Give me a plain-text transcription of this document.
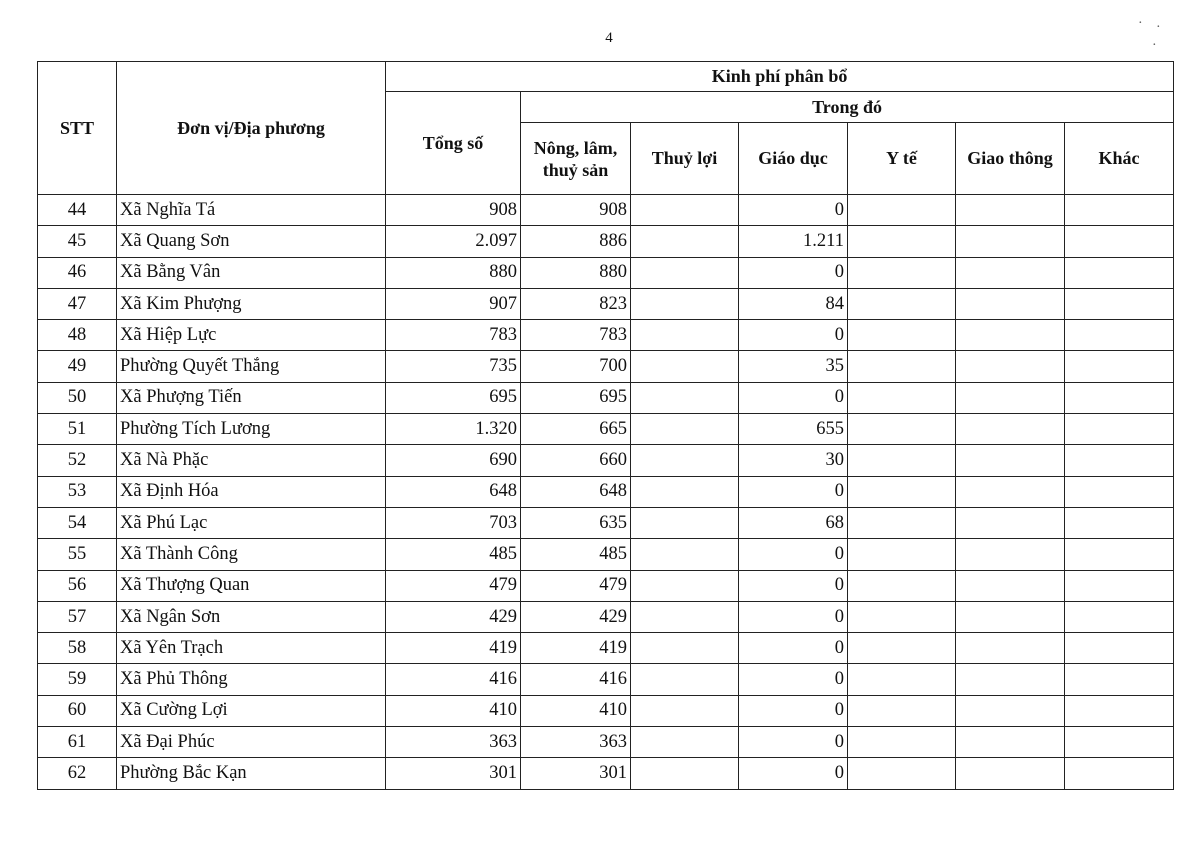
4
· ·
·
STT	Đơn vị/Địa phương	Kinh phí phân bổ						
		Tổng số	Trong đó					
			Nông, lâm, thuỷ sản	Thuỷ lợi	Giáo dục	Y tế	Giao thông	Khác
44	Xã Nghĩa Tá	908	908		0			
45	Xã Quang Sơn	2.097	886		1.211			
46	Xã Bằng Vân	880	880		0			
47	Xã Kim Phượng	907	823		84			
48	Xã Hiệp Lực	783	783		0			
49	Phường Quyết Thắng	735	700		35			
50	Xã Phượng Tiến	695	695		0			
51	Phường Tích Lương	1.320	665		655			
52	Xã Nà Phặc	690	660		30			
53	Xã Định Hóa	648	648		0			
54	Xã Phú Lạc	703	635		68			
55	Xã Thành Công	485	485		0			
56	Xã Thượng Quan	479	479		0			
57	Xã Ngân Sơn	429	429		0			
58	Xã Yên Trạch	419	419		0			
59	Xã Phủ Thông	416	416		0			
60	Xã Cường Lợi	410	410		0			
61	Xã Đại Phúc	363	363		0			
62	Phường Bắc Kạn	301	301		0			
